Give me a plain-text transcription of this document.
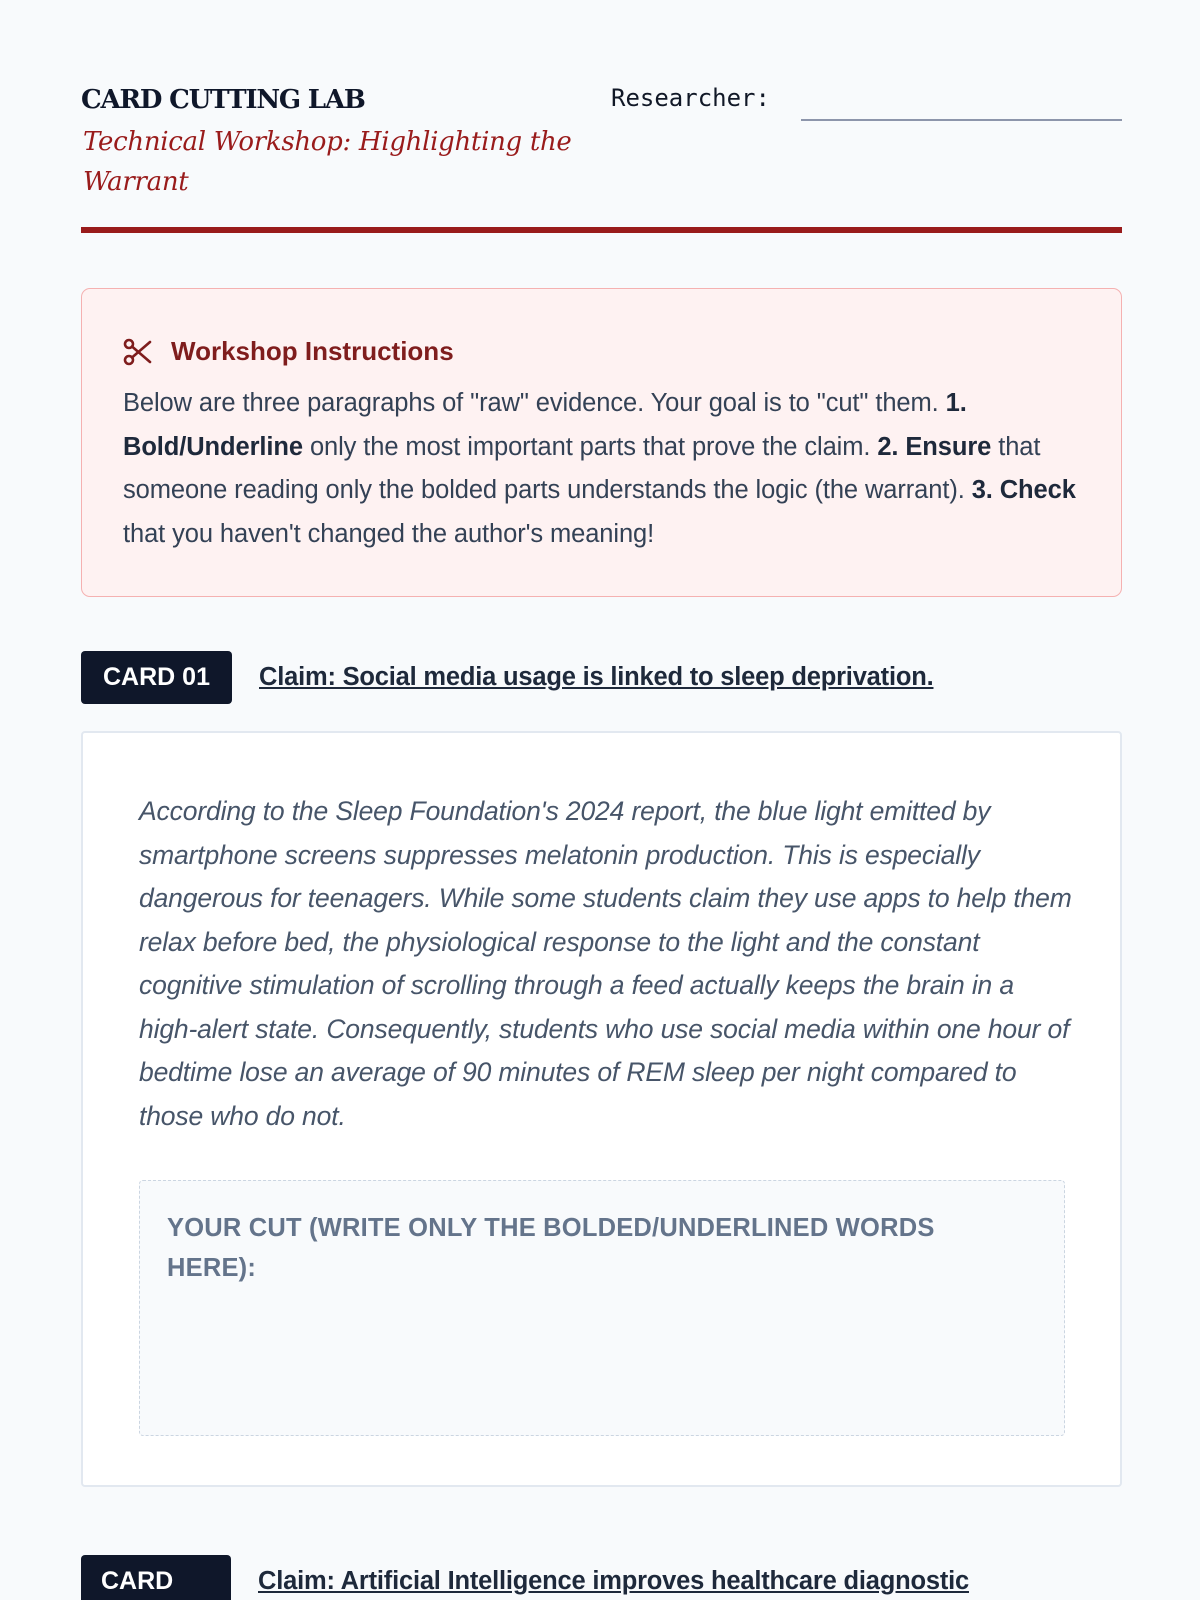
CARD CUTTING LAB
Technical Workshop: Highlighting the Warrant
Researcher:
Workshop Instructions

Below are three paragraphs of "raw" evidence. Your goal is to "cut" them. 1. Bold/Underline only the most important parts that prove the claim. 2. Ensure that someone reading only the bolded parts understands the logic (the warrant). 3. Check that you haven't changed the author's meaning!

CARD 01	Claim: Social media usage is linked to sleep deprivation.

According to the Sleep Foundation's 2024 report, the blue light emitted by smartphone screens suppresses melatonin production. This is especially dangerous for teenagers. While some students claim they use apps to help them relax before bed, the physiological response to the light and the constant cognitive stimulation of scrolling through a feed actually keeps the brain in a high-alert state. Consequently, students who use social media within one hour of bedtime lose an average of 90 minutes of REM sleep per night compared to those who do not.

YOUR CUT (WRITE ONLY THE BOLDED/UNDERLINED WORDS HERE):
CARD	Claim: Artificial Intelligence improves healthcare diagnostic
